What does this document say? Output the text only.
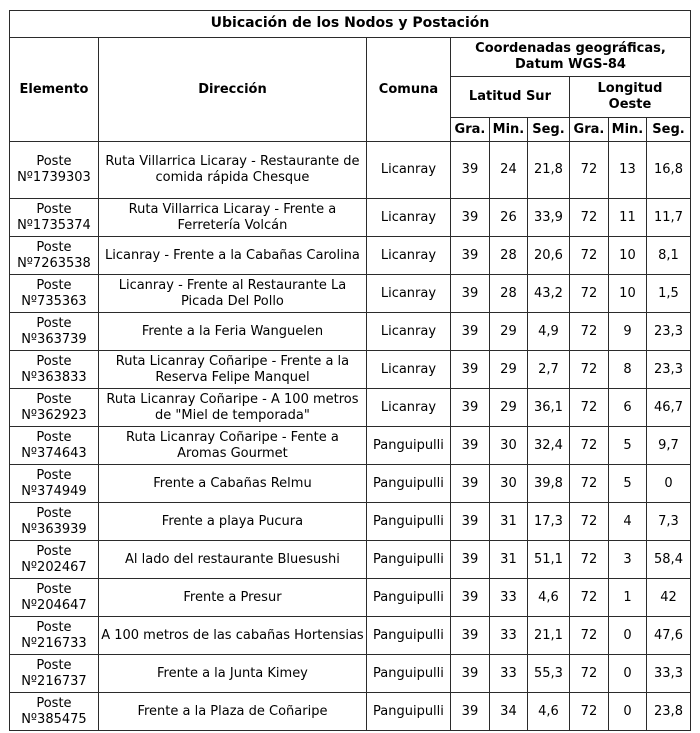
Ubicación de los Nodos y Postación								
Elemento	Dirección	Comuna	Coordenadas geográficas, Datum WGS-84					
			Latitud Sur			Longitud Oeste		
			Gra.	Min.	Seg.	Gra.	Min.	Seg.
Poste Nº1739303	Ruta Villarrica Licaray - Restaurante de comida rápida Chesque	Licanray	39	24	21,8	72	13	16,8
Poste Nº1735374	Ruta Villarrica Licaray - Frente a Ferretería Volcán	Licanray	39	26	33,9	72	11	11,7
Poste Nº7263538	Licanray - Frente a la Cabañas Carolina	Licanray	39	28	20,6	72	10	8,1
Poste Nº735363	Licanray - Frente al Restaurante La Picada Del Pollo	Licanray	39	28	43,2	72	10	1,5
Poste Nº363739	Frente a la Feria Wanguelen	Licanray	39	29	4,9	72	9	23,3
Poste Nº363833	Ruta Licanray Coñaripe - Frente a la Reserva Felipe Manquel	Licanray	39	29	2,7	72	8	23,3
Poste Nº362923	Ruta Licanray Coñaripe - A 100 metros de "Miel de temporada"	Licanray	39	29	36,1	72	6	46,7
Poste Nº374643	Ruta Licanray Coñaripe - Fente a Aromas Gourmet	Panguipulli	39	30	32,4	72	5	9,7
Poste Nº374949	Frente a Cabañas Relmu	Panguipulli	39	30	39,8	72	5	0
Poste Nº363939	Frente a playa Pucura	Panguipulli	39	31	17,3	72	4	7,3
Poste Nº202467	Al lado del restaurante Bluesushi	Panguipulli	39	31	51,1	72	3	58,4
Poste Nº204647	Frente a Presur	Panguipulli	39	33	4,6	72	1	42
Poste Nº216733	A 100 metros de las cabañas Hortensias	Panguipulli	39	33	21,1	72	0	47,6
Poste Nº216737	Frente a la Junta Kimey	Panguipulli	39	33	55,3	72	0	33,3
Poste Nº385475	Frente a la Plaza de Coñaripe	Panguipulli	39	34	4,6	72	0	23,8
